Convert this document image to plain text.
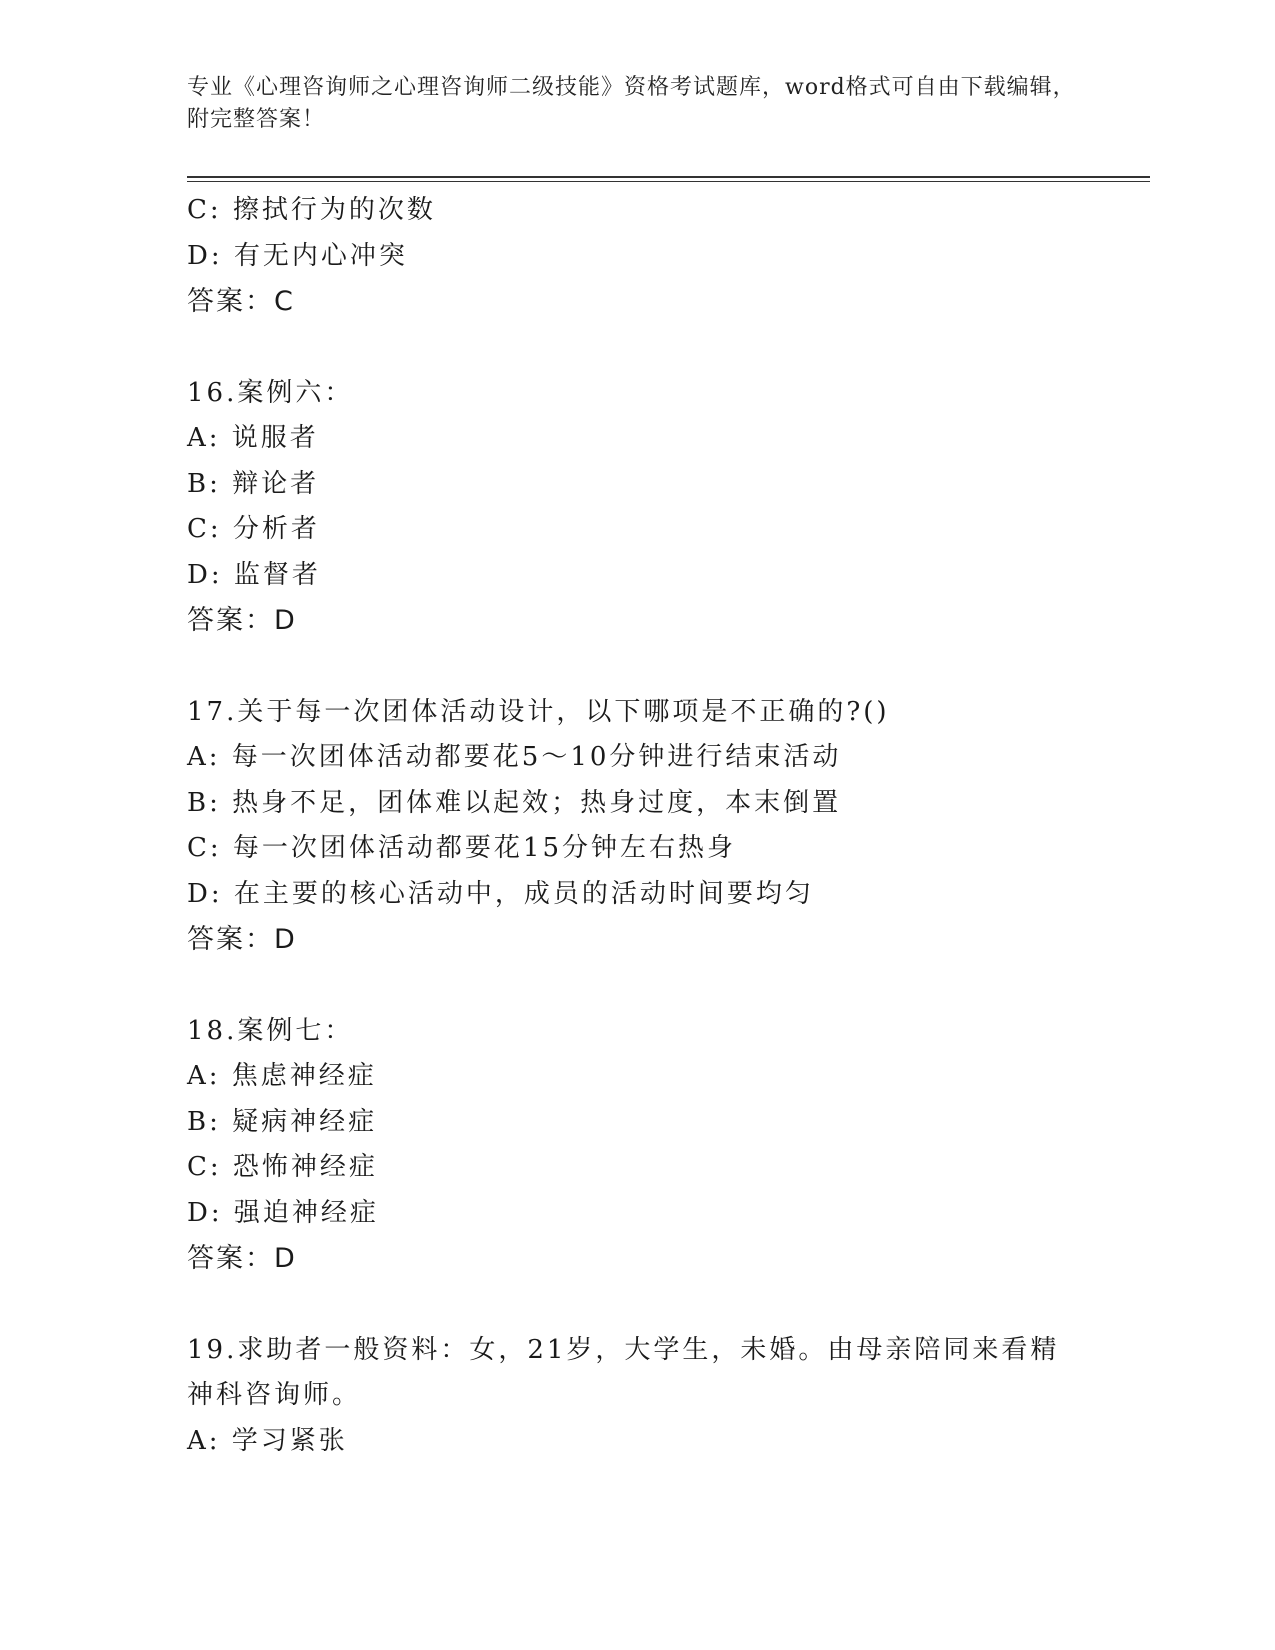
专业《心理咨询师之心理咨询师二级技能》资格考试题库，word格式可自由下载编辑，附完整答案！
C: 擦拭行为的次数
D: 有无内心冲突
答案：C
16.案例六：
A: 说服者
B: 辩论者
C: 分析者
D: 监督者
答案：D
17.关于每一次团体活动设计，以下哪项是不正确的?()
A: 每一次团体活动都要花5～10分钟进行结束活动
B: 热身不足，团体难以起效；热身过度，本末倒置
C: 每一次团体活动都要花15分钟左右热身
D: 在主要的核心活动中，成员的活动时间要均匀
答案：D
18.案例七：
A: 焦虑神经症
B: 疑病神经症
C: 恐怖神经症
D: 强迫神经症
答案：D
19.求助者一般资料：女，21岁，大学生，未婚。由母亲陪同来看精神科咨询师。
A: 学习紧张
